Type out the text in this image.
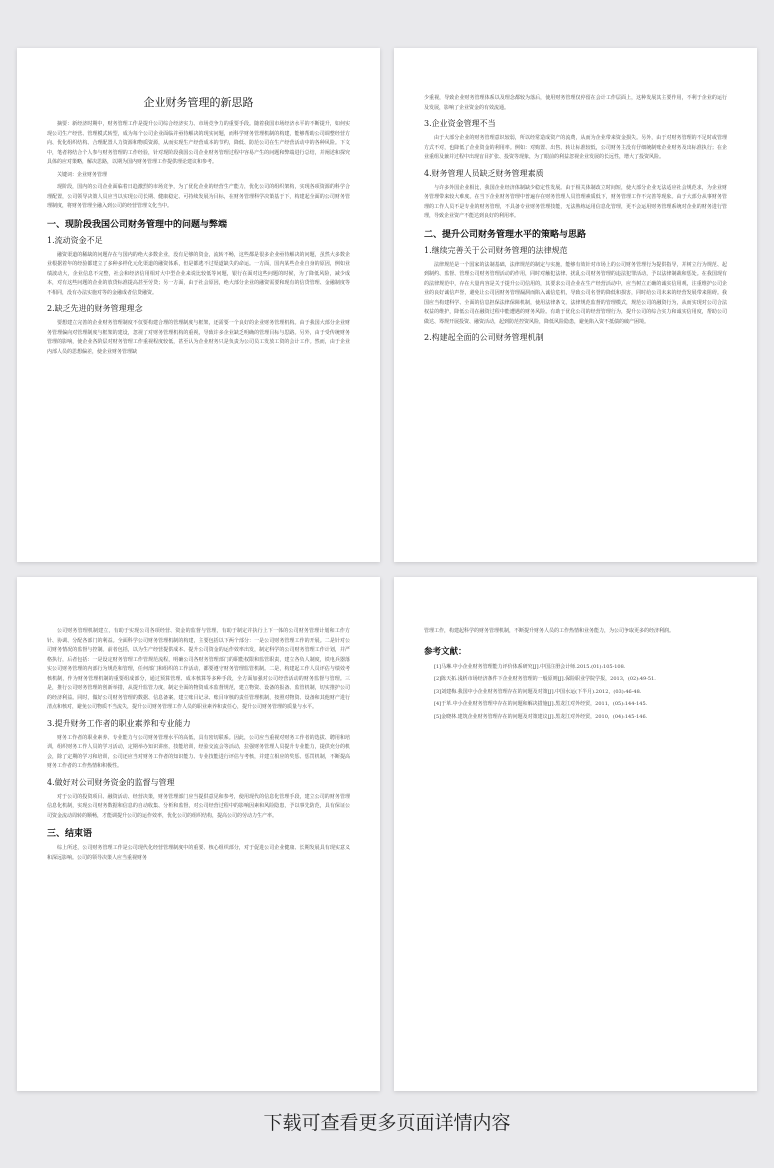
企业财务管理的新思路
摘要：新经济时期中，财务管理工作是提升公司综合经济实力、市场竞争力的重要手段。随着我国市场经济水平的不断提升，如何实现公司生产经营、管理模式转型，成为每个公司企业面临并亟待解决的现实问题，而科学财务管理机制的构建，能够帮助公司调整经营方向、优化组织结构、合理配置人力资源和物质资源，从而实现生产经营成本的节约，降低、防范公司在生产经营活动中的各种风险。下文中，笔者将结合个人参与财务管理的工作经验，针对现阶段我国公司企业财务管理过程中容易产生的问题和弊端进行总结，并阐述和探究具体的应对策略，解决思路，以期为国内财务管理工作提供理论建议和参考。
关键词：企业财务管理
现阶段，国内的公司企业面临着日趋激烈的市场竞争，为了优化企业的经营生产能力，优化公司的组织架构，实现各项资源的科学合理配置，公司领导决策人员应当以实现公司长期、健康稳定、可持续发展为目标，在财务管理科学决策基于下，构建起全面的公司财务管理制度，将财务管理全融入到公司的经营管理文化当中。
一、现阶段我国公司财务管理中的问题与弊端
1.流动资金不足
融资渠道的稀缺的问题存在与国内的绝大多数企业，没有足够的资金，流转不畅，这些都是很多企业亟待解决的问题，虽然大多数企业根据着年的经验都建立了多种多样化元化渠道的融资体系，但是都逃不过渠道缺失的命运。一方面，国内某些企业自身的原因，例如业绩波动大，企业信息不完整，社会和经济信用相对大中型企业来说比较低等问题，银行在面对这些问题的时候，为了降低风险，减少成本，对有这些问题的企业的放贷标准提高甚至劳贷；另一方面，由于社会原因，绝大部分企业的融资需要和现有的信贷管理、金融制度等不相同，没有办法实施对等的金融成者信贷融资。
2.缺乏先进的财务管理理念
要想建立完善的企业财务管理制度不仅要构建合理的管理制度与框架，还需要一个良好的企业财务管理机构。由于我国大部分企业财务管理偏向对管理制度与框架的建设，忽视了对财务管理机构的重视，导致许多企业缺乏明确的管理目标与思路。另外，由于受传统财务管理的影响，使企业各阶层对财务管理工作重视程度较低，甚至认为企业财务只是负责为公司员工发放工资的会计工作。然而，由于企业内部人员的思想偏差，使企业财务管理缺
少重视，导致企业财务管理体系以及理念都较为落后，使用财务管理仅停留在会计工作层面上，这种发展其主要作用，不利于企业的运行及发展，影响了企业资金的有效流通。
3.企业资金管理不当
由于大部分企业的财务管理意识较弱，所以经常造成资产的流费，从而为企业带来资金损失。另外，由于对财务管理的不足时或管理方式不对，也降低了企业资金的利用率。例如：对购置、出售、转让标准较低，公司财务主没有仔细统制账企业财务及出标准执行；在企业重组及兼并过程中出现盲目扩张、投资等现象，为了眼前的利益忽视企业发展的长远性，增大了投资风险。
4.财务管理人员缺乏财务管理素质
与许多外国企业相比，我国企业经济体制缺少稳定性发展。由于相关体制改立时间短，使大部分企业无法适应社会规范求，为企业财务管理带来较大难度。在当下企业财务管理中普遍存在财务管理人员管理素质低下，财务管理工作不完善等现象。由于大部分从事财务管理的工作人员不是专业的财务管理，不具备专业财务管理技能，无法熟练运用信息化管理，更不会运用财务管理系统对企业的财务进行管理，导致企业资产不能达到良好的利用率。
二、提升公司财务管理水平的策略与思路
1.继续完善关于公司财务管理的法律规范
法律规范是一个国家的法制基础，法律规范的制定与实施，能够有效针对市场上的公司财务管理行为提供指导，并树立行为规范、起到制约、监督、管理公司财务管理活动的作用，同时对触犯法律、扰乱公司财务管理的违法犯罪活动，予以法律制裁和惩处。在我国现有的法律规范中，存在大量内容是关于提升公司信用的，其要求公司企业在生产经营活动中，应当树立正确的诚实信用观，注重维护公司企业的良好诚信声誉，避免让公司因财务管理漏洞而陷入诚信危机，导致公司名誉的降低和损害，同时给公司未来的经营发展带来阻碍。我国应当构建科学、全面的信息担保法律保障机制，使用法律条文、法律规范监督的管理模式，规范公司的融资行为，从而实现对公司合法权益的维护，降低公司在融资过程中能遭遇的财务风险。有助于优化公司的经营管理行为，提升公司的综合实力和诚实信用度，帮助公司做达、筹规开展投资、融资活动，起到防范控资风险，降低风险隐患，避免陷入资不抵债的破产困境。
2.构建起全面的公司财务管理机制
公司财务管理机制建立，有助于实现公司各项经营、资金的监督与管理，有助于制定并执行上下一体的公司财务管理计划和工作方针、协调、分配各部门的利益。全面科学公司财务管理机制的构建，主要包括以下两个部分：一是公司财务管理工作的开展。二是针对公司财务情况的监督与控制。前者包括，以为生产经营提供成本、提升公司资金的运作效率出发，制定科学的公司财务管理工作计划，并严格执行，后者包括：一是设定财务管理工作管规范流程，明确公司各财务管理部门的职能权限和监管职责，建立各负人制度，铁电兵器落实公司财务管理的内部行为规范和管理，任何部门和组织的工作活动，都要遵守财务管理监管机制。二是，构建起工作人员评估与绩效考核机制，作为财务管理机制的重要组成部分，通过预算管理、成本核算等多种手段，全方面加强对公司经营活动的财务监督与管理。三是，推行公司财务管理的创新举措，从提升监管力度，制定全面的物资成本监督规范，建立物资、设备的报备、监管机制，切实推护公司的经济利益。同时，做好公司财务管理的数据、信息备案，建立账目记录、账目审核的责任管理机制，按照对物资、设备和其他财产进行清点和核对，避免公司物质不当流失，提升公司财务管理工作人员的职业素养和责任心，提升公司财务管理的质量与水平。
3.提升财务工作者的职业素养和专业能力
财务工作者的职业素养、专业能力与公司财务管理水平的高低，具有密切联系。因此，公司应当重视对财务工作者的选拔、聘用和培训，组织财务工作人员的学习活动，定期举办知识讲座，技能培训，经验交流会等活动，拉强财务管理人员提升专业能力，提供充分的机会，除了定期的学习和培训，公司还应当对财务工作者的知识能力、专业技能进行评估与考核，并建立相应的奖惩、惩罚机制，不断提高财务工作者的工作热情和积极性。
4.做好对公司财务资金的监督与管理
对于公司的投资项目、融资活动、经营决策，财务管理部门应当提供意见和参考，使用现代的信息化管理手段，建立公司的财务管理信息化机制，实现公司财务数据和信息的自动收集、分析和监督，对公司经营过程中的影响因素和风险隐患，予以事先防范，具有保证公司资金流动周转的顺畅，才能调提升公司的运作效率，优化公司的组织结构，提高公司的劳动力生产率。
三、结束语
综上所述，公司财务管理工作是公司现代化经营管理制度中的重要、核心组织部分，对于促进公司企业健康、长期发展具有现实意义和深远影响。公司的领导决策人应当重视财务
管理工作，构建起科学的财务管理机制，不断提升财务人员的工作热情和业务能力，为公司争取更多的经济利润。
参考文献：
[1]马琳.中小企业财务管理能力评价体系研究[J].中国注册会计师.2015.(01):105-108.
[2]陈天拓.浅析市场经济条件下企业财务管理的一般原则[J].保险职业学院学报，2013，(02):49-51.
[3]刘建梅.我国中小企业财务管理存在的问题及对策[J].中国水运(下半月).2012，(03):46-48.
[4]于革.中小企业财务管理中存在的问题和解决措施[J].黑龙江对外经贸，2011，(05):144-145.
[5]金晓林.建筑企业财务管理存在的问题及对策建议[J].黑龙江对外经贸，2010，(04):145-146.
下载可查看更多页面详情内容
